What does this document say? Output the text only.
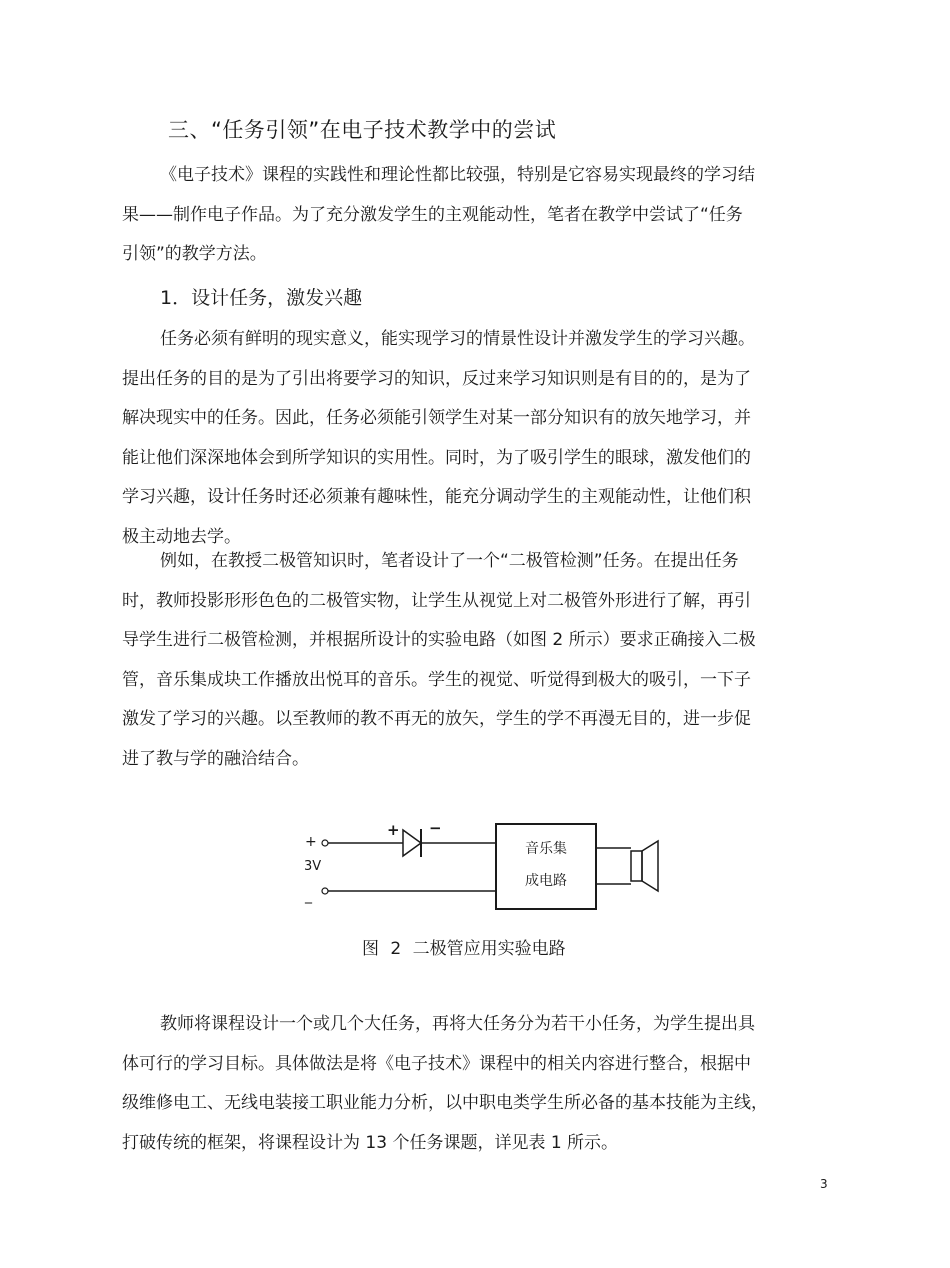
三、“任务引领”在电子技术教学中的尝试
《电子技术》课程的实践性和理论性都比较强，特别是它容易实现最终的学习结
果——制作电子作品。为了充分激发学生的主观能动性，笔者在教学中尝试了“任务
引领”的教学方法。
1．设计任务，激发兴趣
任务必须有鲜明的现实意义，能实现学习的情景性设计并激发学生的学习兴趣。
提出任务的目的是为了引出将要学习的知识，反过来学习知识则是有目的的，是为了
解决现实中的任务。因此，任务必须能引领学生对某一部分知识有的放矢地学习，并
能让他们深深地体会到所学知识的实用性。同时，为了吸引学生的眼球，激发他们的
学习兴趣，设计任务时还必须兼有趣味性，能充分调动学生的主观能动性，让他们积
极主动地去学。
例如，在教授二极管知识时，笔者设计了一个“二极管检测”任务。在提出任务
时，教师投影形形色色的二极管实物，让学生从视觉上对二极管外形进行了解，再引
导学生进行二极管检测，并根据所设计的实验电路（如图 2 所示）要求正确接入二极
管，音乐集成块工作播放出悦耳的音乐。学生的视觉、听觉得到极大的吸引，一下子
激发了学习的兴趣。以至教师的教不再无的放矢，学生的学不再漫无目的，进一步促
进了教与学的融洽结合。
+
3V
_
+ −
音乐集
成电路
图 2 二极管应用实验电路
教师将课程设计一个或几个大任务，再将大任务分为若干小任务，为学生提出具
体可行的学习目标。具体做法是将《电子技术》课程中的相关内容进行整合，根据中
级维修电工、无线电装接工职业能力分析，以中职电类学生所必备的基本技能为主线，
打破传统的框架，将课程设计为 13 个任务课题，详见表 1 所示。
3
